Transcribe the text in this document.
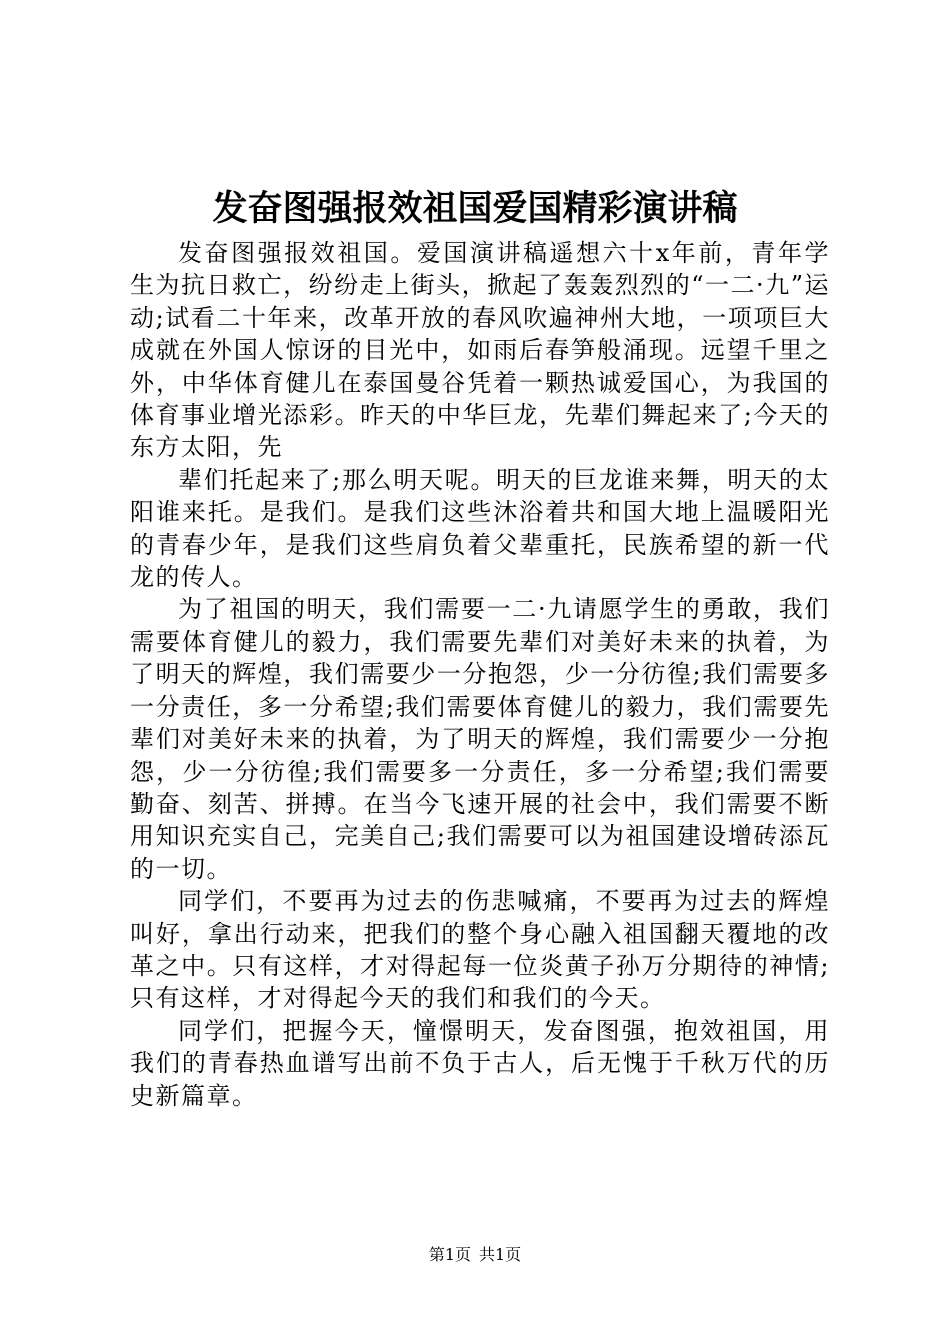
发奋图强报效祖国爱国精彩演讲稿

发奋图强报效祖国。爱国演讲稿遥想六十x年前，青年学生为抗日救亡，纷纷走上街头，掀起了轰轰烈烈的“一二·九”运动;试看二十年来，改革开放的春风吹遍神州大地，一项项巨大成就在外国人惊讶的目光中，如雨后春笋般涌现。远望千里之外，中华体育健儿在泰国曼谷凭着一颗热诚爱国心，为我国的体育事业增光添彩。昨天的中华巨龙，先辈们舞起来了;今天的东方太阳，先

辈们托起来了;那么明天呢。明天的巨龙谁来舞，明天的太阳谁来托。是我们。是我们这些沐浴着共和国大地上温暖阳光的青春少年，是我们这些肩负着父辈重托，民族希望的新一代龙的传人。

为了祖国的明天，我们需要一二·九请愿学生的勇敢，我们需要体育健儿的毅力，我们需要先辈们对美好未来的执着，为了明天的辉煌，我们需要少一分抱怨，少一分彷徨;我们需要多一分责任，多一分希望;我们需要体育健儿的毅力，我们需要先辈们对美好未来的执着，为了明天的辉煌，我们需要少一分抱怨，少一分彷徨;我们需要多一分责任，多一分希望;我们需要勤奋、刻苦、拼搏。在当今飞速开展的社会中，我们需要不断用知识充实自己，完美自己;我们需要可以为祖国建设增砖添瓦的一切。

同学们，不要再为过去的伤悲喊痛，不要再为过去的辉煌叫好，拿出行动来，把我们的整个身心融入祖国翻天覆地的改革之中。只有这样，才对得起每一位炎黄子孙万分期待的神情;只有这样，才对得起今天的我们和我们的今天。

同学们，把握今天，憧憬明天，发奋图强，抱效祖国，用我们的青春热血谱写出前不负于古人，后无愧于千秋万代的历史新篇章。

第1页 共1页
